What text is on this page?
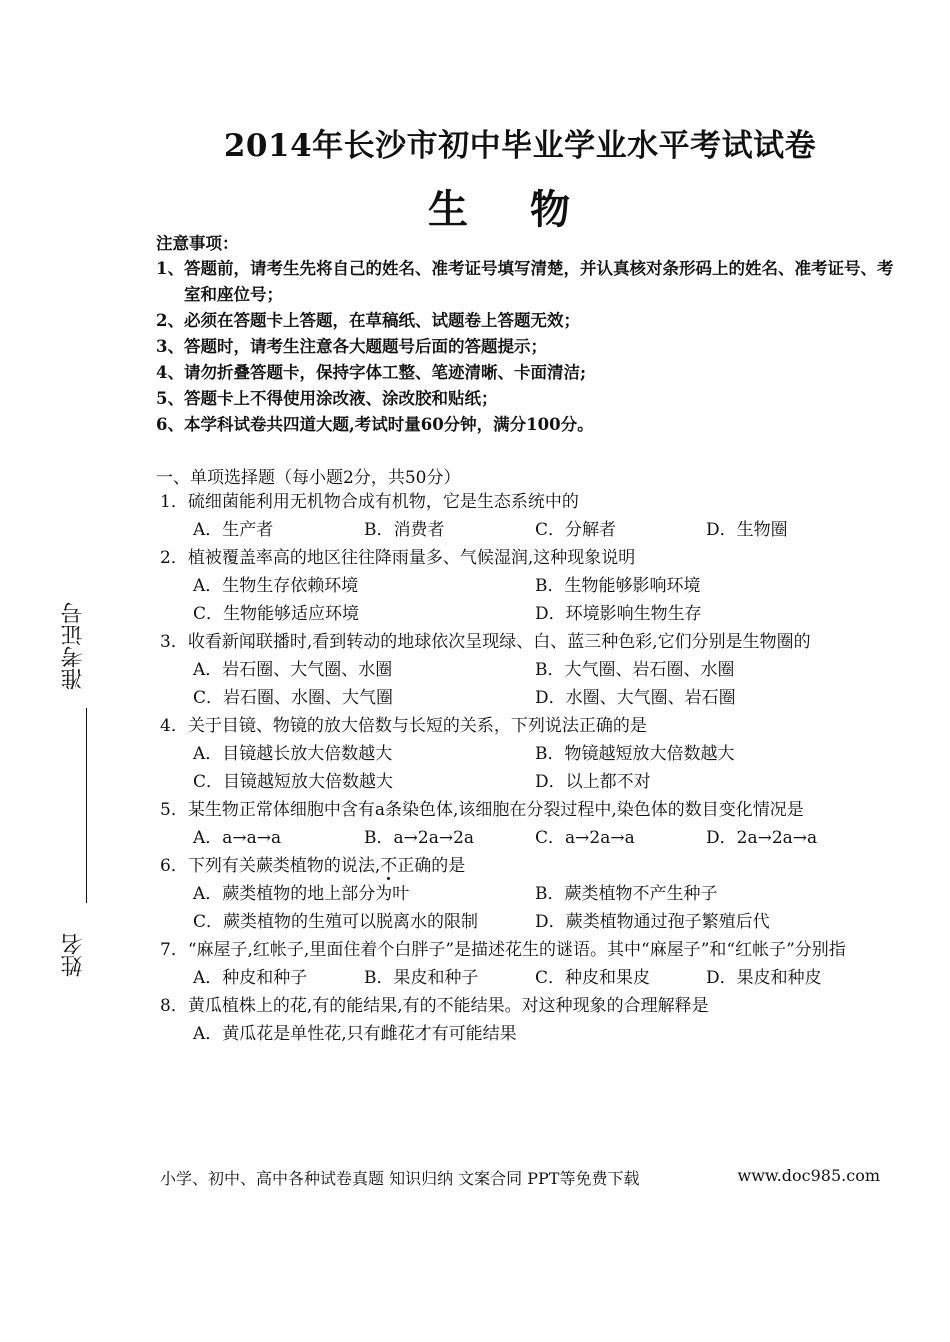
2014年长沙市初中毕业学业水平考试试卷
生物
注意事项：
1、答题前，请考生先将自己的姓名、准考证号填写清楚，并认真核对条形码上的姓名、准考证号、考室和座位号；
2、必须在答题卡上答题，在草稿纸、试题卷上答题无效；
3、答题时，请考生注意各大题题号后面的答题提示；
4、请勿折叠答题卡，保持字体工整、笔迹清晰、卡面清洁;
5、答题卡上不得使用涂改液、涂改胶和贴纸；
6、本学科试卷共四道大题,考试时量60分钟，满分100分。
一、单项选择题（每小题2分，共50分）
1．硫细菌能利用无机物合成有机物，它是生态系统中的
A．生产者	B．消费者	C．分解者	D．生物圈
2．植被覆盖率高的地区往往降雨量多、气候湿润,这种现象说明
A．生物生存依赖环境	B．生物能够影响环境
C．生物能够适应环境	D．环境影响生物生存
3．收看新闻联播时,看到转动的地球依次呈现绿、白、蓝三种色彩,它们分别是生物圈的
A．岩石圈、大气圈、水圈	B．大气圈、岩石圈、水圈
C．岩石圈、水圈、大气圈	D．水圈、大气圈、岩石圈
4．关于目镜、物镜的放大倍数与长短的关系，下列说法正确的是
A．目镜越长放大倍数越大	B．物镜越短放大倍数越大
C．目镜越短放大倍数越大	D．以上都不对
5．某生物正常体细胞中含有a条染色体,该细胞在分裂过程中,染色体的数目变化情况是
A．a→a→a	B．a→2a→2a	C．a→2a→a	D．2a→2a→a
6．下列有关蕨类植物的说法,不正确的是
A．蕨类植物的地上部分为叶	B．蕨类植物不产生种子
C．蕨类植物的生殖可以脱离水的限制	D．蕨类植物通过孢子繁殖后代
7．“麻屋子,红帐子,里面住着个白胖子”是描述花生的谜语。其中“麻屋子”和“红帐子”分别指
A．种皮和种子	B．果皮和种子	C．种皮和果皮	D．果皮和种皮
8．黄瓜植株上的花,有的能结果,有的不能结果。对这种现象的合理解释是
A．黄瓜花是单性花,只有雌花才有可能结果
准考证号
姓名
小学、初中、高中各种试卷真题 知识归纳 文案合同 PPT等免费下载	www.doc985.com
